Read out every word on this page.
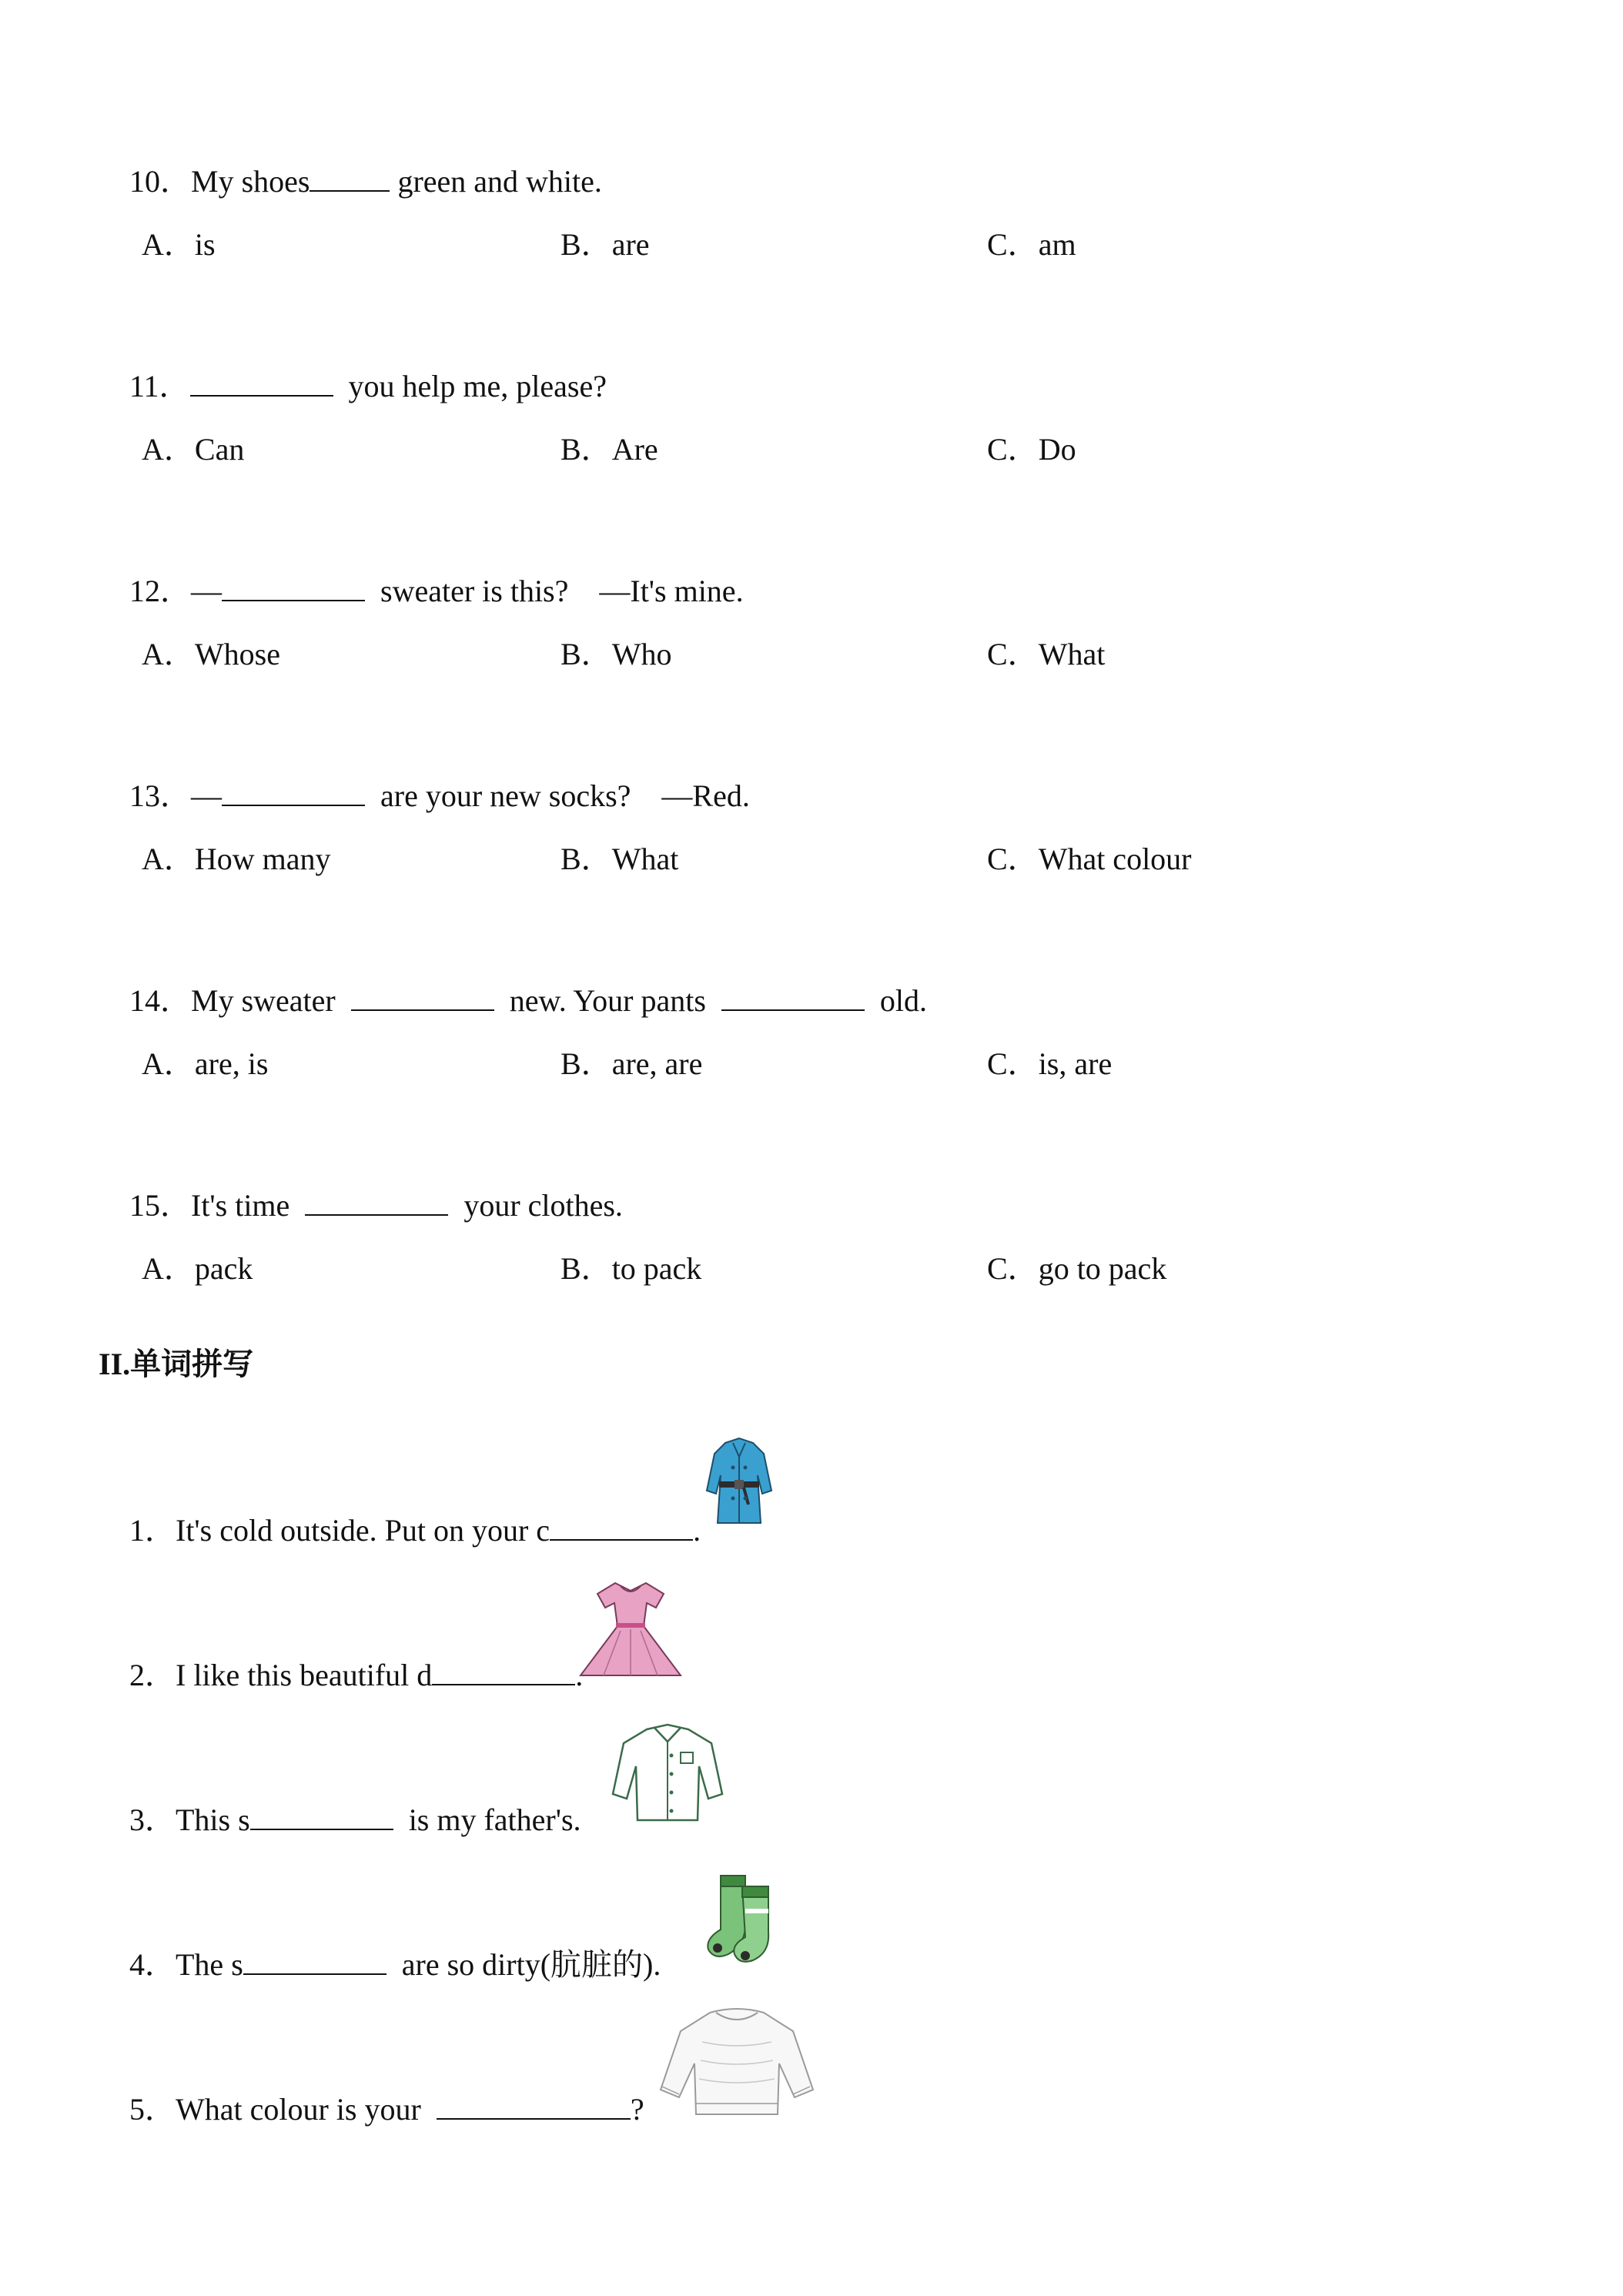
10．My shoes	green and white.

A．is	B．are	C．am

11．	you help me, please?

A．Can	B．Are	C．Do

12．—	sweater is this?    —It's mine.

A．Whose	B．Who	C．What

13．—	are your new socks?    —Red.

A．How many	B．What	C．What colour

14．My sweater	new. Your pants	old.

A．are, is	B．are, are	C．is, are

15．It's time	your clothes.

A．pack	B．to pack	C．go to pack
II.单词拼写

1．It's cold outside. Put on your c	.

2．I like this beautiful d	.

3．This s	is my father's.

4．The s	are so dirty(肮脏的).

5．What colour is your	?
